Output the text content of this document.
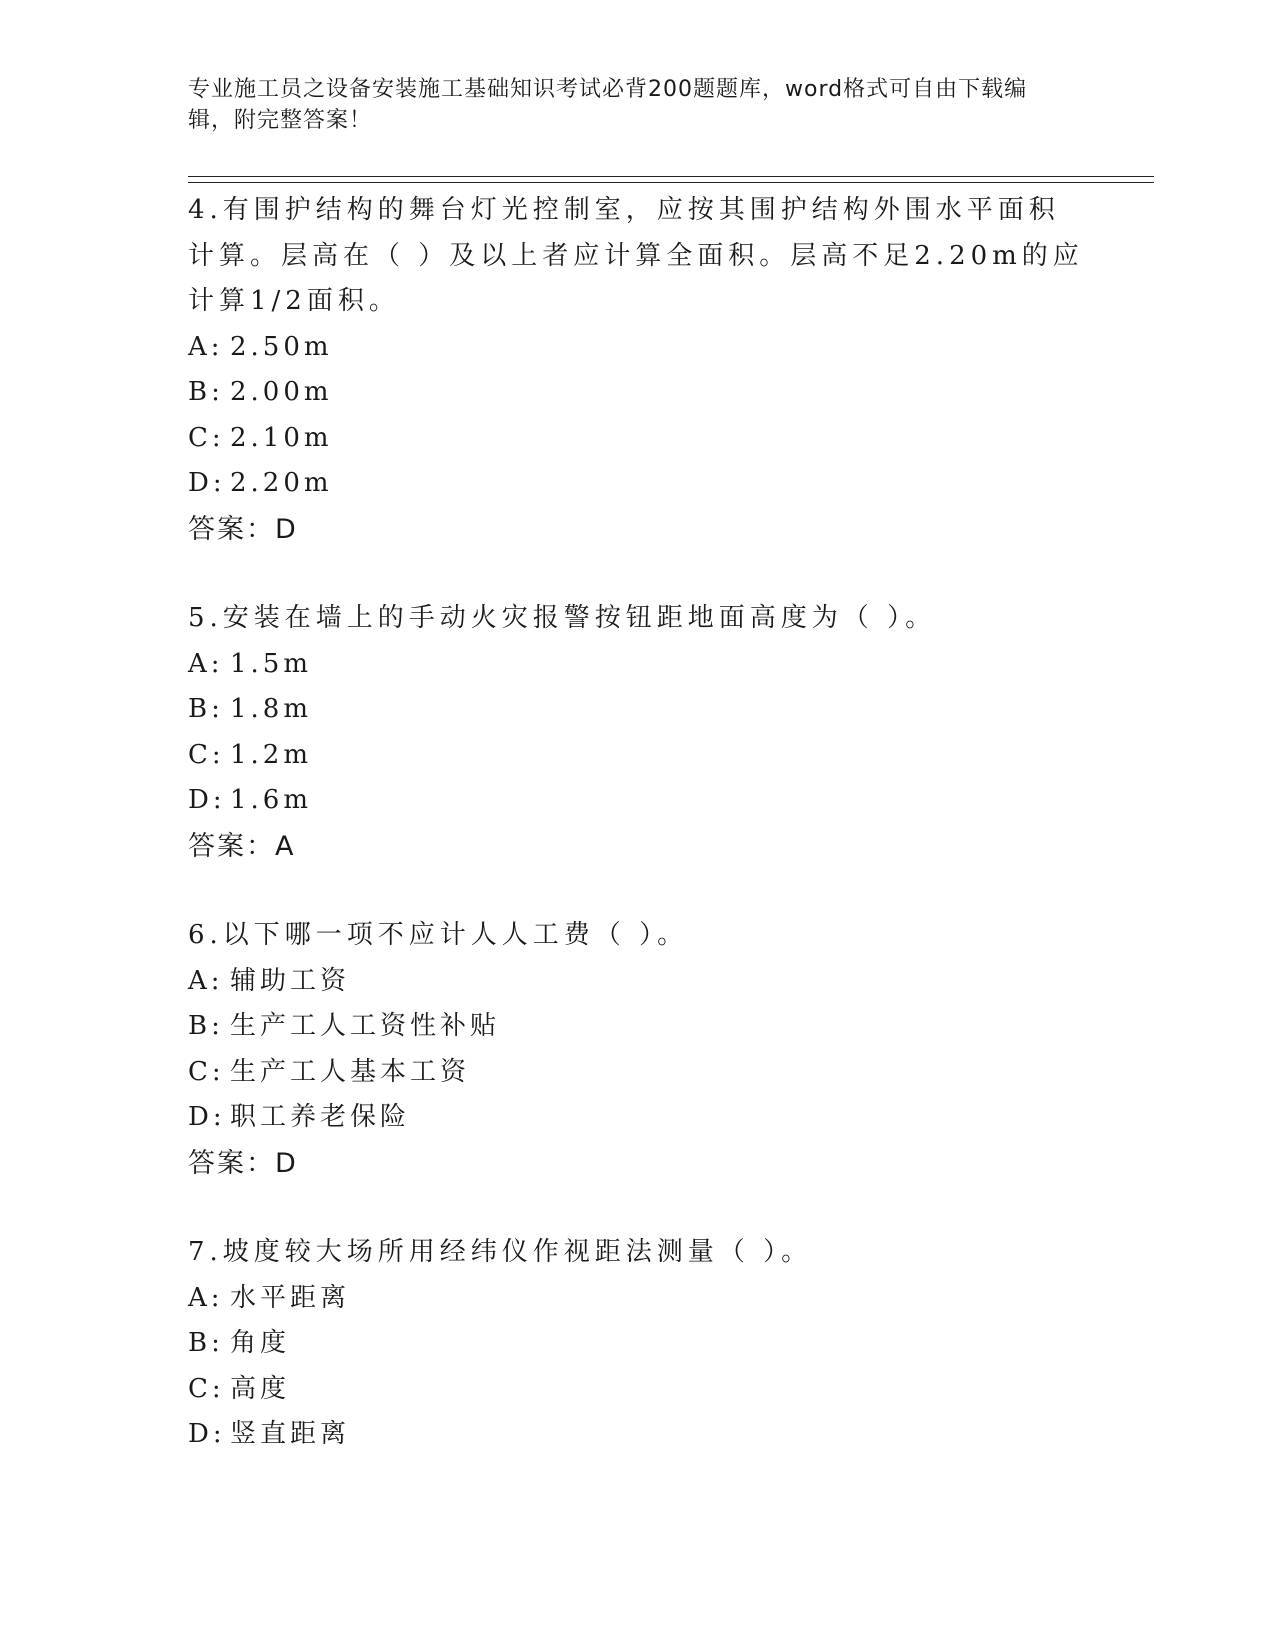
专业施工员之设备安装施工基础知识考试必背200题题库，word格式可自由下载编辑，附完整答案！

4.有围护结构的舞台灯光控制室，应按其围护结构外围水平面积计算。层高在（ ）及以上者应计算全面积。层高不足2.20m的应计算1/2面积。

A: 2.50m
B: 2.00m
C: 2.10m
D: 2.20m
答案：D

5.安装在墙上的手动火灾报警按钮距地面高度为（ ）。

A: 1.5m
B: 1.8m
C: 1.2m
D: 1.6m
答案：A

6.以下哪一项不应计人人工费（ ）。

A: 辅助工资
B: 生产工人工资性补贴
C: 生产工人基本工资
D: 职工养老保险
答案：D

7.坡度较大场所用经纬仪作视距法测量（ ）。

A: 水平距离
B: 角度
C: 高度
D: 竖直距离
